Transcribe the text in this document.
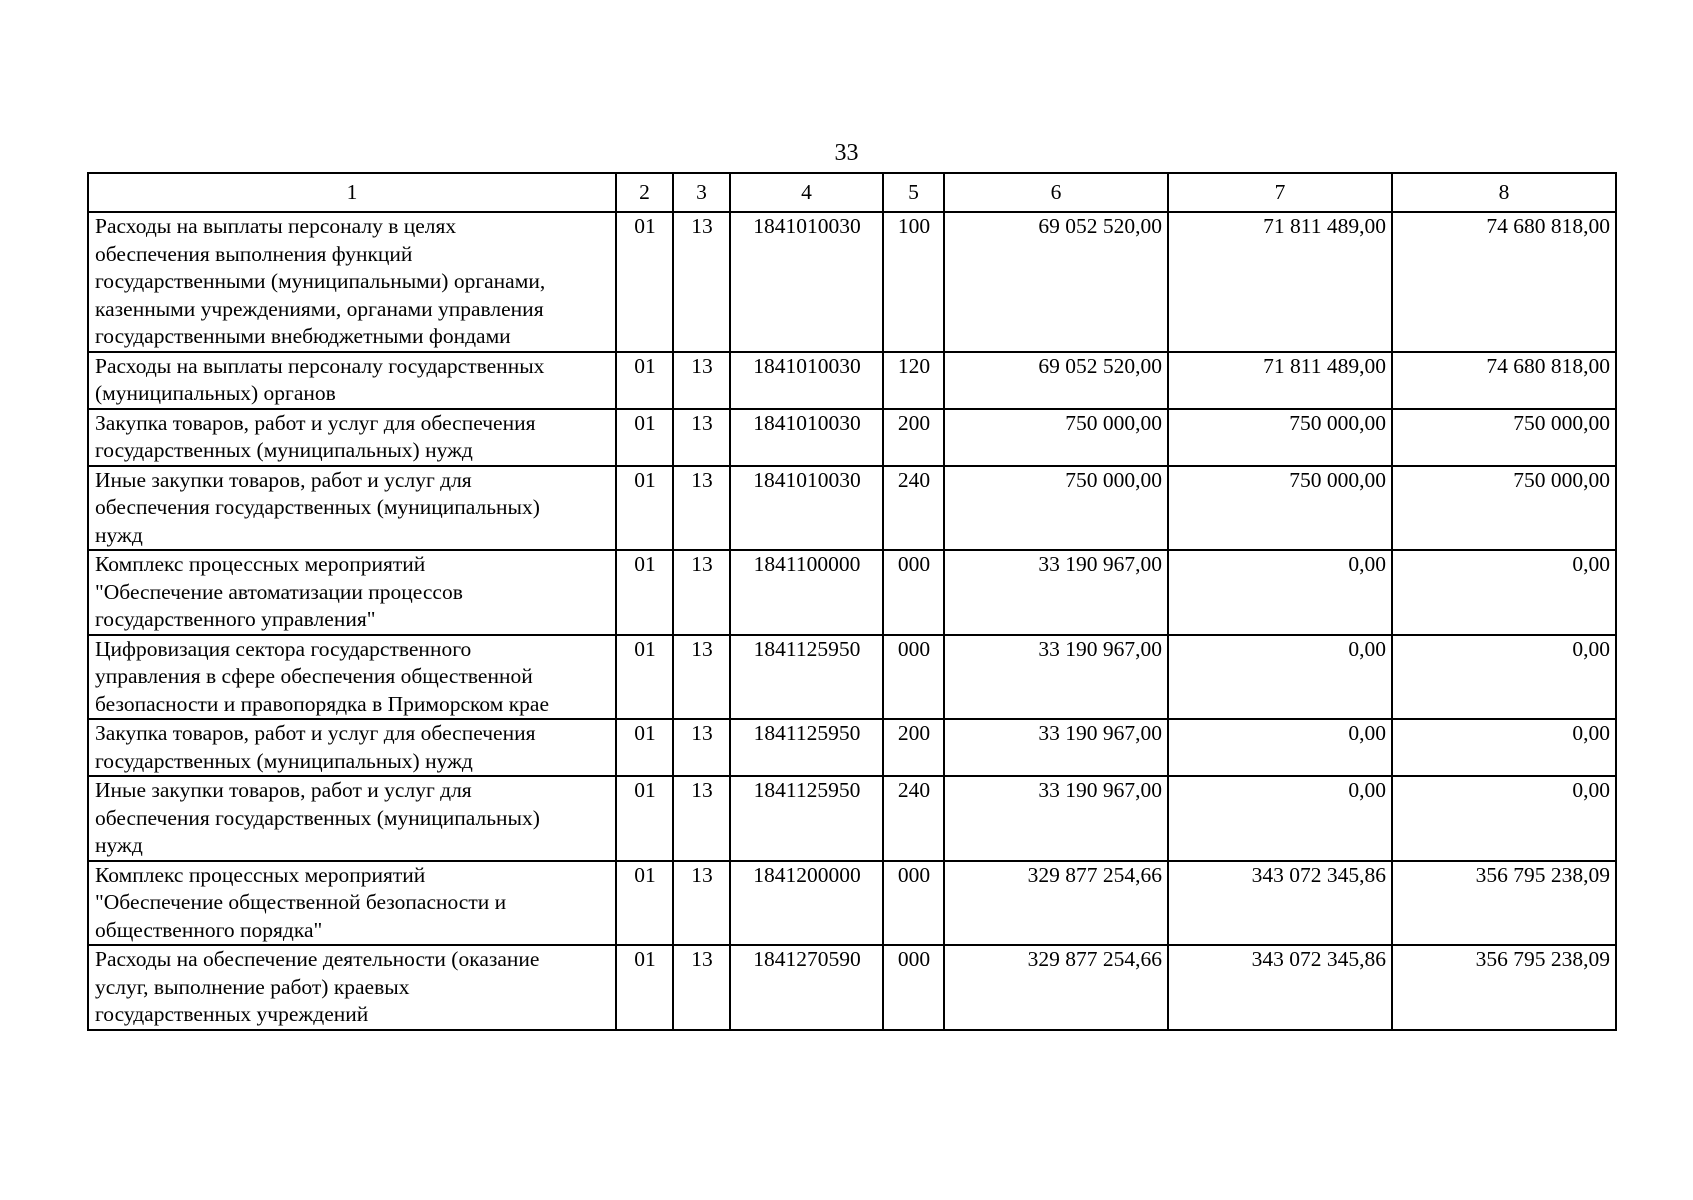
33
1	2	3	4	5	6	7	8
Расходы на выплаты персоналу в целях
обеспечения выполнения функций
государственными (муниципальными) органами,
казенными учреждениями, органами управления
государственными внебюджетными фондами	01	13	1841010030	100	69 052 520,00	71 811 489,00	74 680 818,00
Расходы на выплаты персоналу государственных
(муниципальных) органов	01	13	1841010030	120	69 052 520,00	71 811 489,00	74 680 818,00
Закупка товаров, работ и услуг для обеспечения
государственных (муниципальных) нужд	01	13	1841010030	200	750 000,00	750 000,00	750 000,00
Иные закупки товаров, работ и услуг для
обеспечения государственных (муниципальных)
нужд	01	13	1841010030	240	750 000,00	750 000,00	750 000,00
Комплекс процессных мероприятий
"Обеспечение автоматизации процессов
государственного управления"	01	13	1841100000	000	33 190 967,00	0,00	0,00
Цифровизация сектора государственного
управления в сфере обеспечения общественной
безопасности и правопорядка в Приморском крае	01	13	1841125950	000	33 190 967,00	0,00	0,00
Закупка товаров, работ и услуг для обеспечения
государственных (муниципальных) нужд	01	13	1841125950	200	33 190 967,00	0,00	0,00
Иные закупки товаров, работ и услуг для
обеспечения государственных (муниципальных)
нужд	01	13	1841125950	240	33 190 967,00	0,00	0,00
Комплекс процессных мероприятий
"Обеспечение общественной безопасности и
общественного порядка"	01	13	1841200000	000	329 877 254,66	343 072 345,86	356 795 238,09
Расходы на обеспечение деятельности (оказание
услуг, выполнение работ) краевых
государственных учреждений	01	13	1841270590	000	329 877 254,66	343 072 345,86	356 795 238,09
